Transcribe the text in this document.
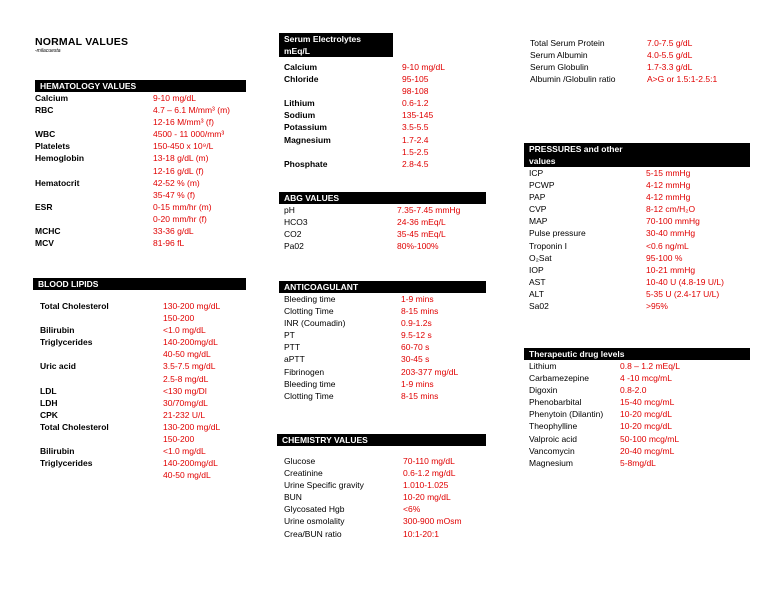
NORMAL VALUES
-milacuesta
HEMATOLOGY VALUES
Calcium	9-10 mg/dL
RBC	4.7 – 6.1 M/mm³ (m)
12-16 M/mm³ (f)
WBC	4500 - 11 000/mm³
Platelets	150-450 x 10⁹/L
Hemoglobin	13-18 g/dL (m)
12-16 g/dL (f)
Hematocrit	42-52 % (m)
35-47 % (f)
ESR	0-15 mm/hr (m)
0-20 mm/hr (f)
MCHC	33-36 g/dL
MCV	81-96 fL
BLOOD LIPIDS
Total Cholesterol	130-200 mg/dL
150-200
Bilirubin	<1.0 mg/dL
Triglycerides	140-200mg/dL
40-50 mg/dL
Uric acid	3.5-7.5 mg/dL
2.5-8 mg/dL
LDL	<130 mg/Dl
LDH	30/70mg/dL
CPK	21-232 U/L
Total Cholesterol	130-200 mg/dL
150-200
Bilirubin	<1.0 mg/dL
Triglycerides	140-200mg/dL
40-50 mg/dL
Serum Electrolytes
mEq/L
Calcium	9-10 mg/dL
Chloride	95-105
98-108
Lithium	0.6-1.2
Sodium	135-145
Potassium	3.5-5.5
Magnesium	1.7-2.4
1.5-2.5
Phosphate	2.8-4.5
ABG VALUES
pH	7.35-7.45 mmHg
HCO3	24-36 mEq/L
CO2	35-45 mEq/L
Pa02	80%-100%
ANTICOAGULANT
Bleeding time	1-9 mins
Clotting Time	8-15 mins
INR (Coumadin)	0.9-1.2s
PT	9.5-12 s
PTT	60-70 s
aPTT	30-45 s
Fibrinogen	203-377 mg/dL
Bleeding time	1-9 mins
Clotting Time	8-15 mins
CHEMISTRY VALUES
Glucose	70-110 mg/dL
Creatinine	0.6-1.2 mg/dL
Urine Specific gravity	1.010-1.025
BUN	10-20 mg/dL
Glycosated Hgb	<6%
Urine osmolality	300-900 mOsm
Crea/BUN ratio	10:1-20:1
Total Serum Protein	7.0-7.5 g/dL
Serum Albumin	4.0-5.5 g/dL
Serum Globulin	1.7-3.3 g/dL
Albumin /Globulin ratio	A>G or 1.5:1-2.5:1
PRESSURES and other
values
ICP	5-15 mmHg
PCWP	4-12 mmHg
PAP	4-12 mmHg
CVP	8-12 cm/H₂O
MAP	70-100 mmHg
Pulse pressure	30-40 mmHg
Troponin I	<0.6 ng/mL
O₂Sat	95-100 %
IOP	10-21 mmHg
AST	10-40 U (4.8-19 U/L)
ALT	5-35 U (2.4-17 U/L)
Sa02	>95%
Therapeutic drug levels
Lithium	0.8 – 1.2 mEq/L
Carbamezepine	4 -10 mcg/mL
Digoxin	0.8-2.0
Phenobarbital	15-40 mcg/mL
Phenytoin (Dilantin)	10-20 mcg/dL
Theophylline	10-20 mcg/dL
Valproic acid	50-100 mcg/mL
Vancomycin	20-40 mcg/mL
Magnesium	5-8mg/dL
